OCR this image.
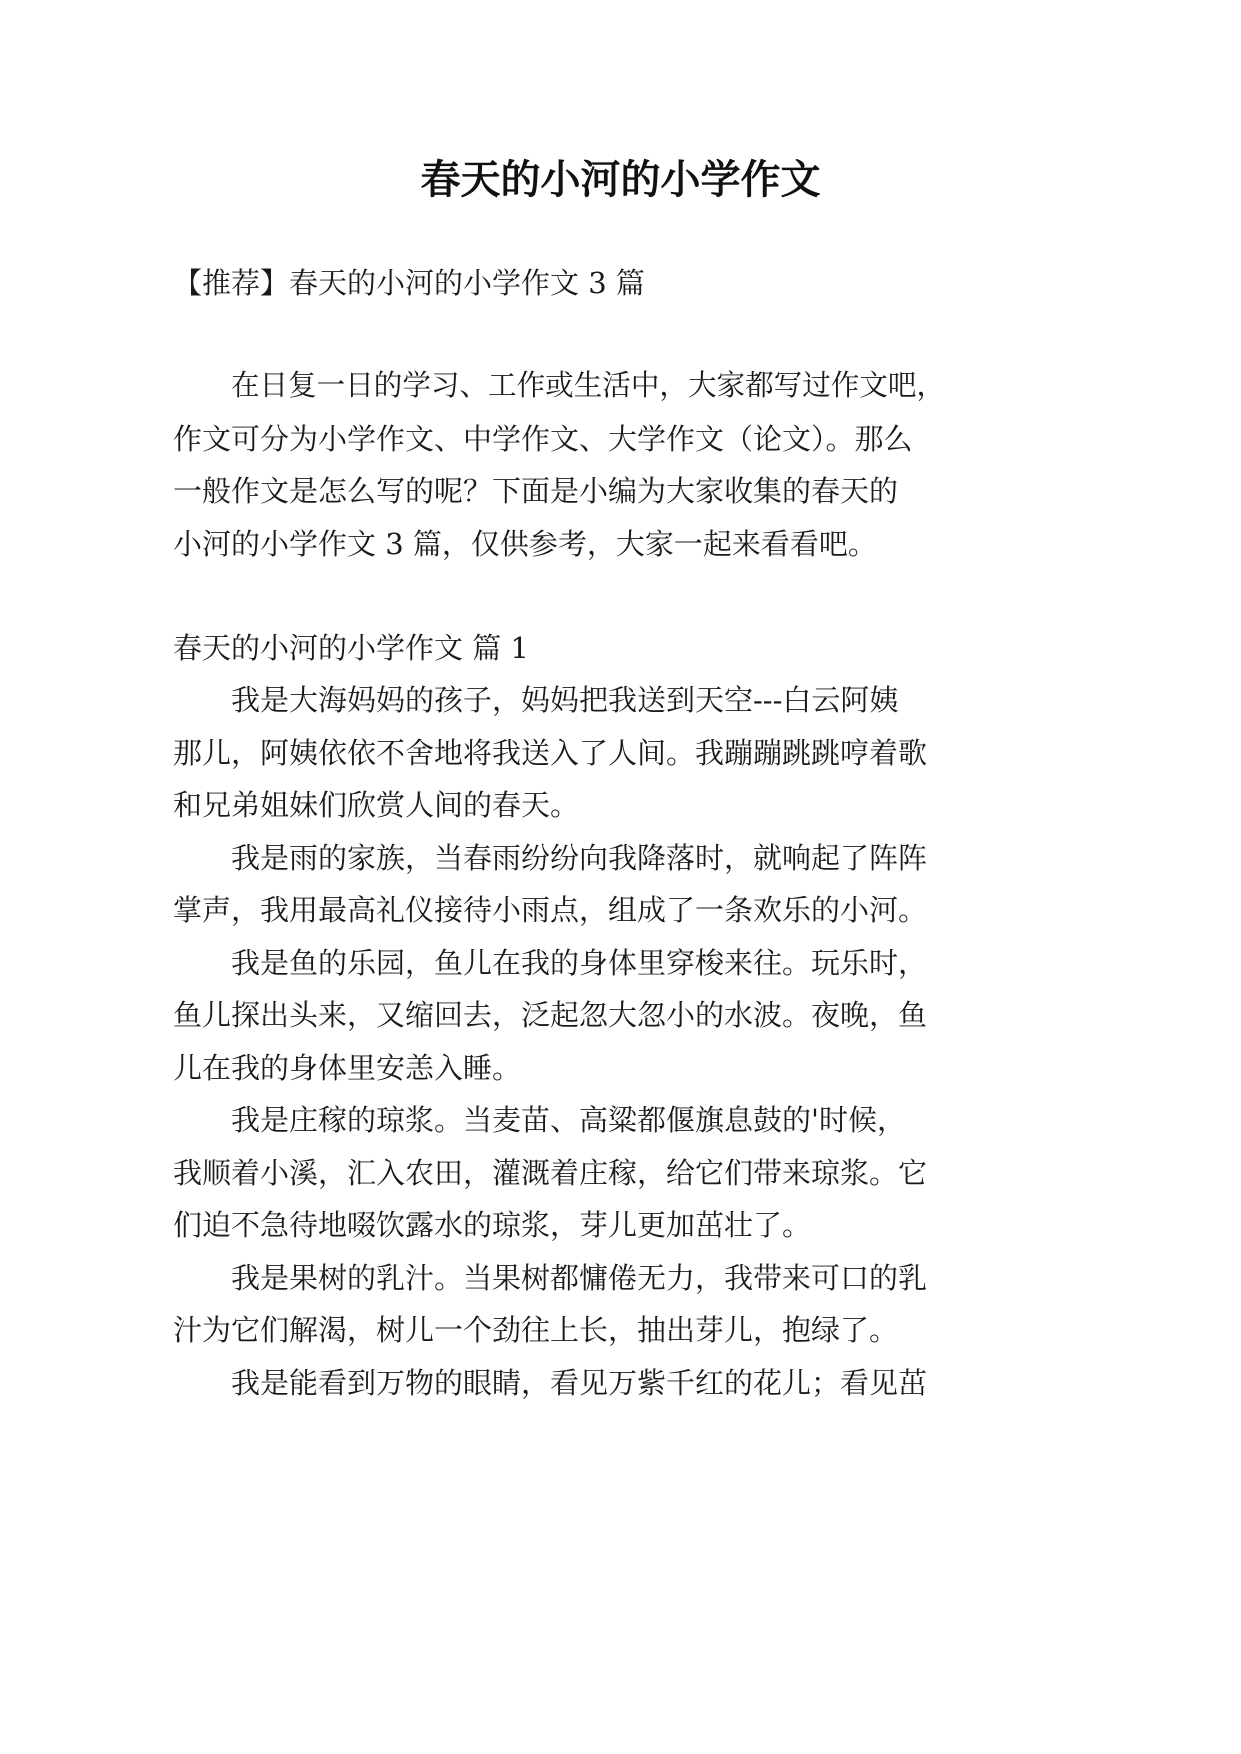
春天的小河的小学作文

【推荐】春天的小河的小学作文 3 篇

在日复一日的学习、工作或生活中，大家都写过作文吧，

作文可分为小学作文、中学作文、大学作文（论文）。那么

一般作文是怎么写的呢？下面是小编为大家收集的春天的

小河的小学作文 3 篇，仅供参考，大家一起来看看吧。

春天的小河的小学作文 篇 1

我是大海妈妈的孩子，妈妈把我送到天空---白云阿姨

那儿，阿姨依依不舍地将我送入了人间。我蹦蹦跳跳哼着歌

和兄弟姐妹们欣赏人间的春天。

我是雨的家族，当春雨纷纷向我降落时，就响起了阵阵

掌声，我用最高礼仪接待小雨点，组成了一条欢乐的小河。

我是鱼的乐园，鱼儿在我的身体里穿梭来往。玩乐时，

鱼儿探出头来，又缩回去，泛起忽大忽小的水波。夜晚，鱼

儿在我的身体里安恙入睡。

我是庄稼的琼浆。当麦苗、高粱都偃旗息鼓的'时候，

我顺着小溪，汇入农田，灌溉着庄稼，给它们带来琼浆。它

们迫不急待地啜饮露水的琼浆，芽儿更加茁壮了。

我是果树的乳汁。当果树都慵倦无力，我带来可口的乳

汁为它们解渴，树儿一个劲往上长，抽出芽儿，抱绿了。

我是能看到万物的眼睛，看见万紫千红的花儿；看见茁
